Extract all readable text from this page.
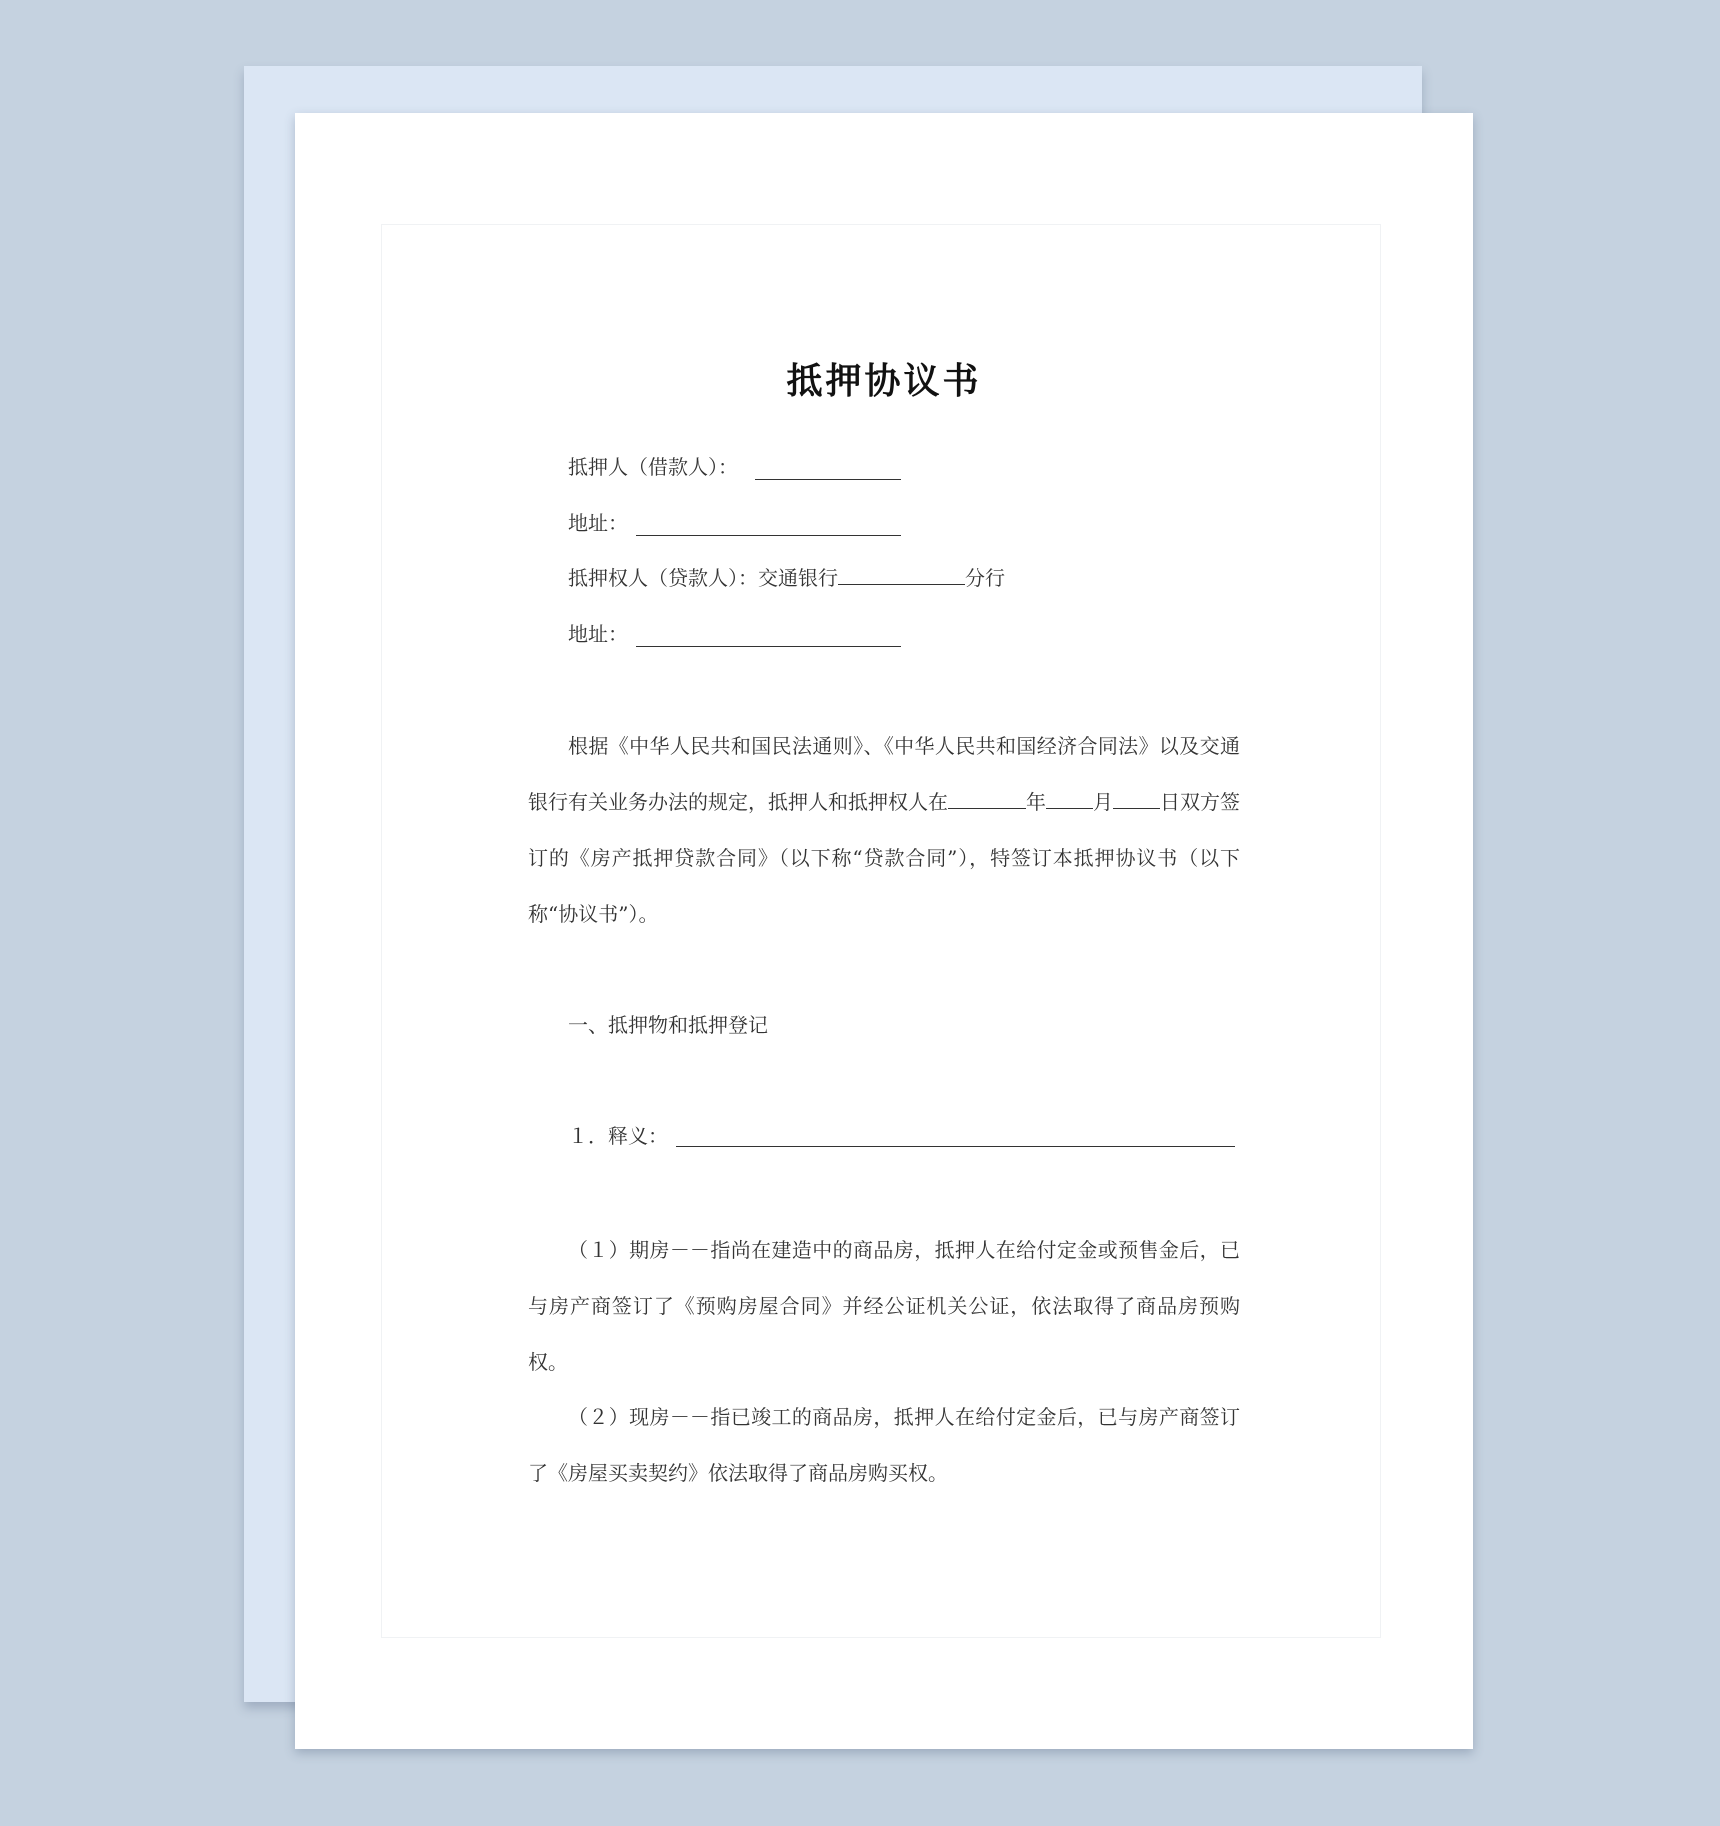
抵押协议书
抵押人（借款人）：
地址：
抵押权人（贷款人）：交通银行	分行
地址：
根据《中华人民共和国民法通则》、《中华人民共和国经济合同法》以及交通银行有关业务办法的规定，抵押人和抵押权人在	年 月 日双方签订的《房产抵押贷款合同》（以下称“贷款合同”），特签订本抵押协议书（以下称“协议书”）。
一、抵押物和抵押登记
１．释义：
（１）期房－－指尚在建造中的商品房，抵押人在给付定金或预售金后，已与房产商签订了《预购房屋合同》并经公证机关公证，依法取得了商品房预购权。
（２）现房－－指已竣工的商品房，抵押人在给付定金后，已与房产商签订了《房屋买卖契约》依法取得了商品房购买权。
